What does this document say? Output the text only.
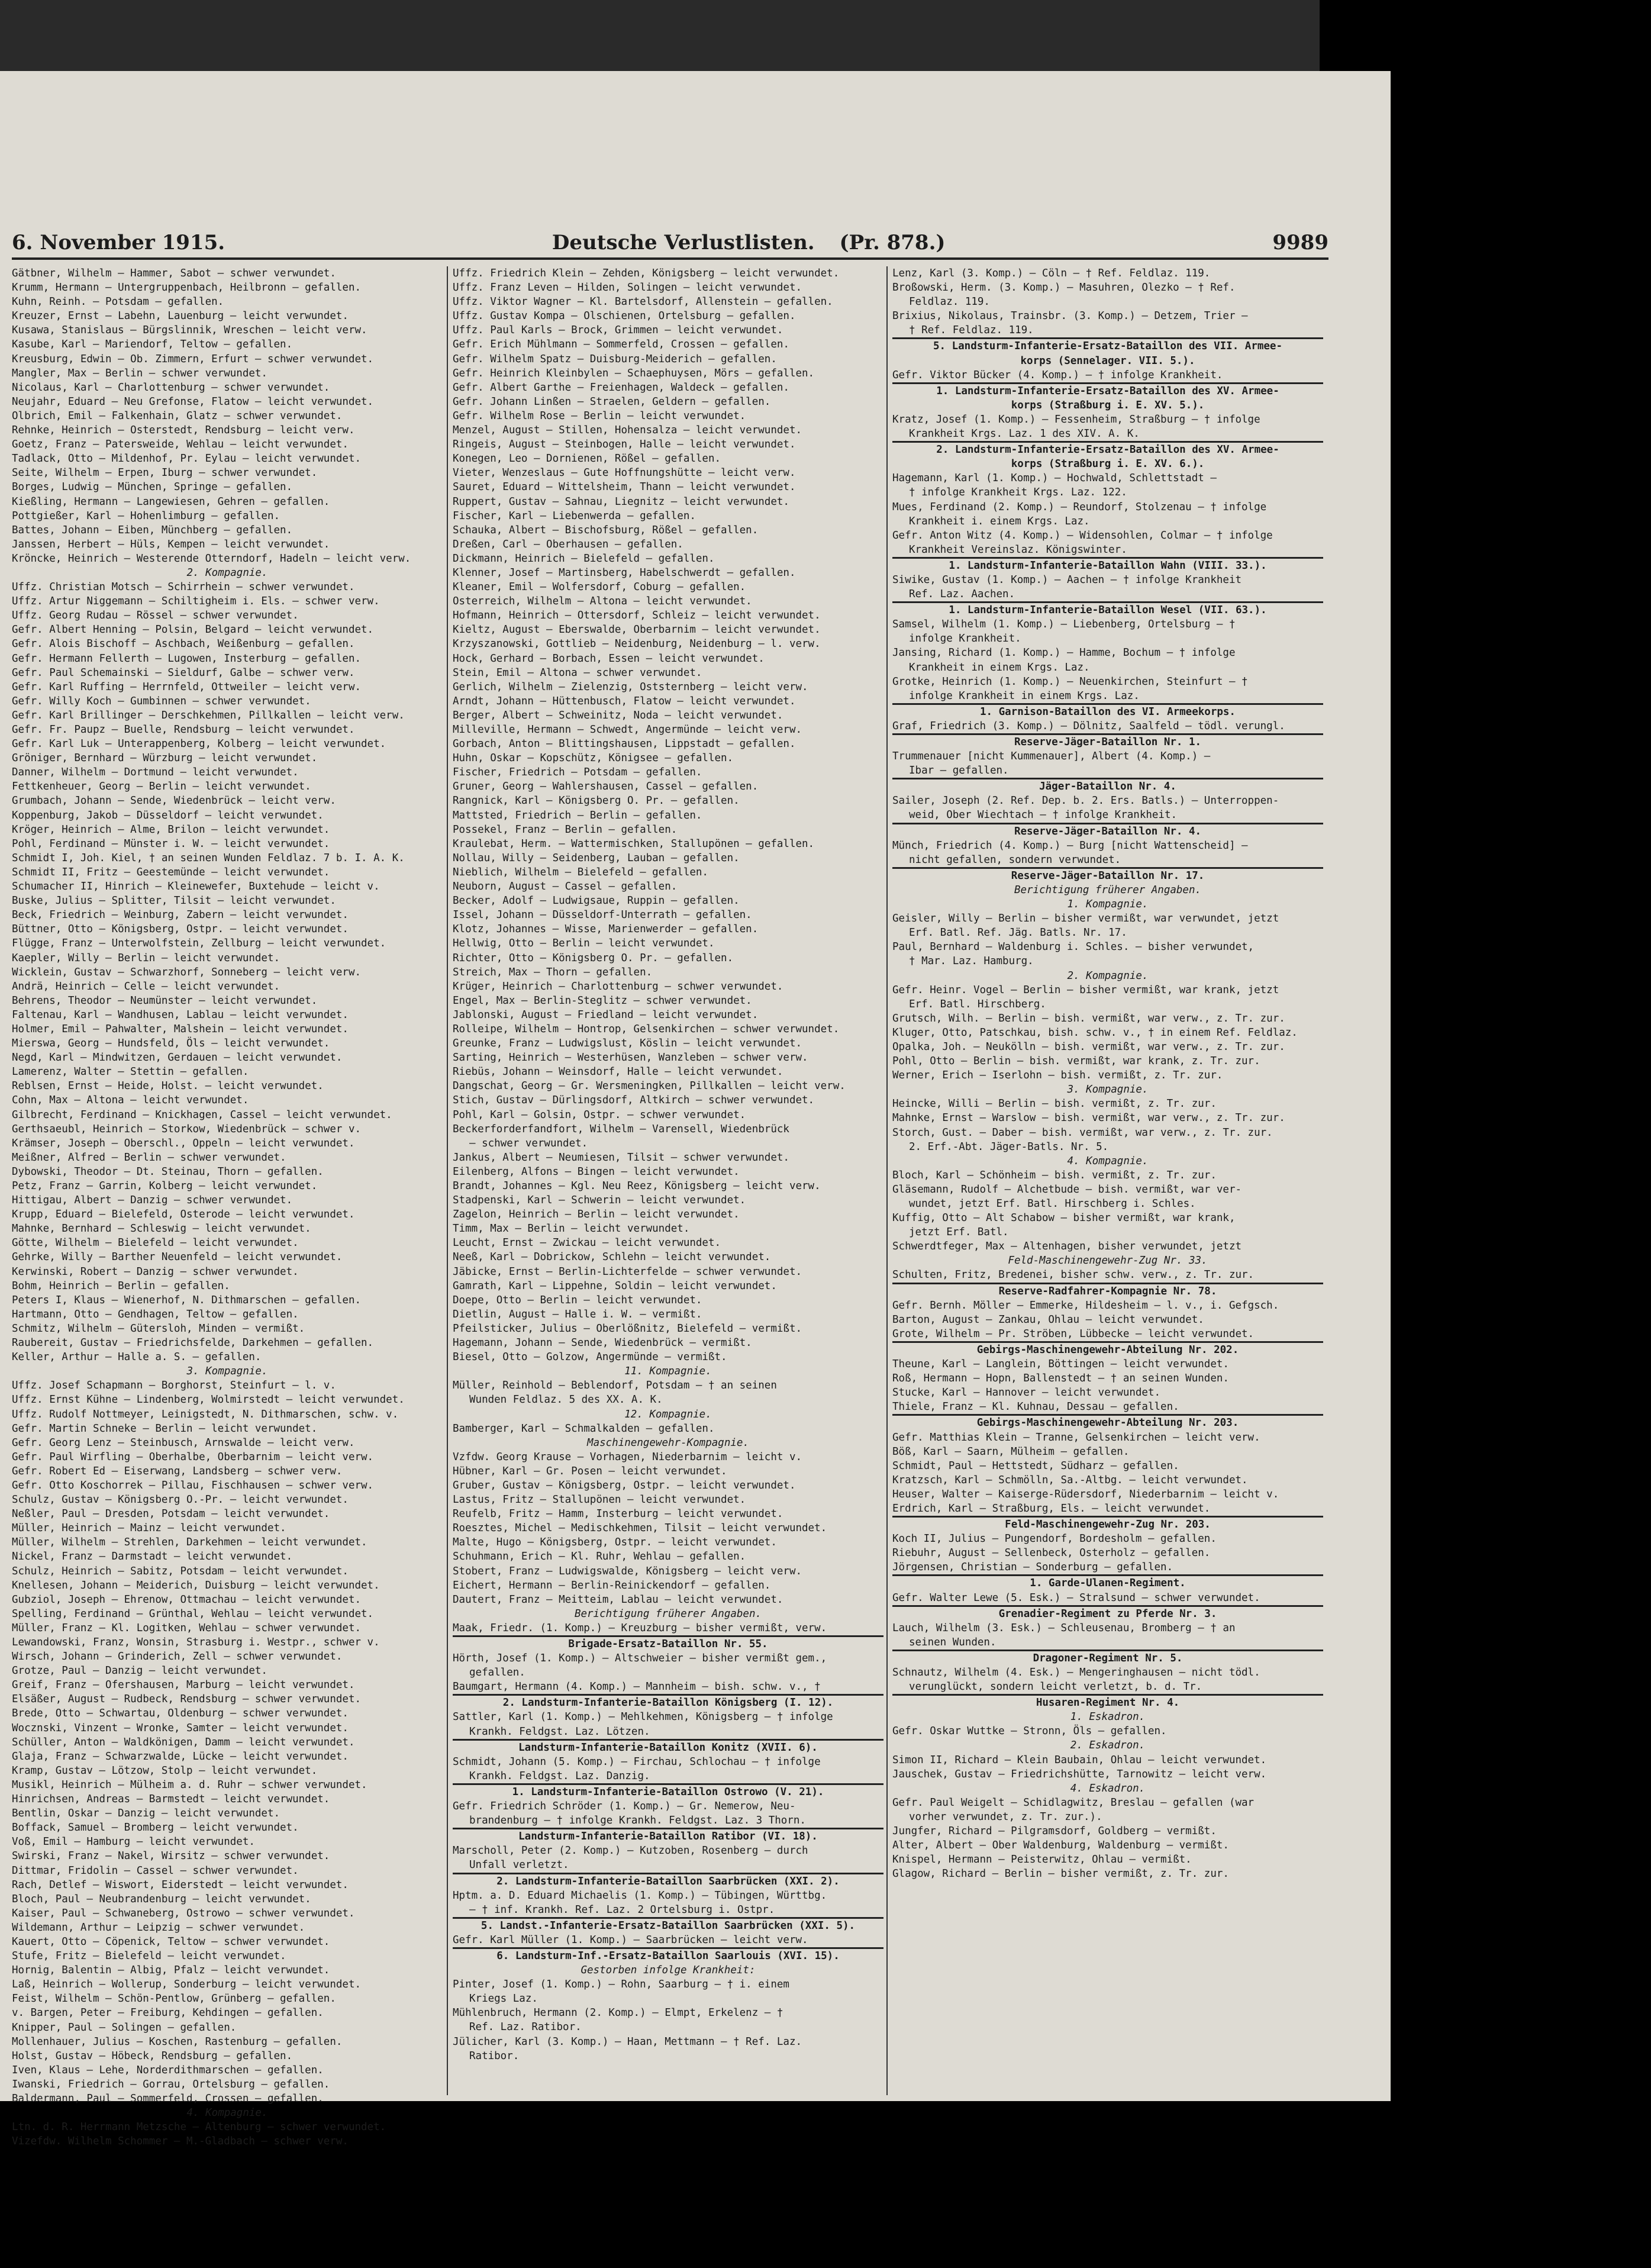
6. November 1915.	Deutsche Verlustlisten. (Pr. 878.)	9989
Gätbner, Wilhelm — Hammer, Sabot — schwer verwundet.
Krumm, Hermann — Untergruppenbach, Heilbronn — gefallen.
Kuhn, Reinh. — Potsdam — gefallen.
Kreuzer, Ernst — Labehn, Lauenburg — leicht verwundet.
Kusawa, Stanislaus — Bürgslinnik, Wreschen — leicht verw.
Kasube, Karl — Mariendorf, Teltow — gefallen.
Kreusburg, Edwin — Ob. Zimmern, Erfurt — schwer verwundet.
Mangler, Max — Berlin — schwer verwundet.
Nicolaus, Karl — Charlottenburg — schwer verwundet.
Neujahr, Eduard — Neu Grefonse, Flatow — leicht verwundet.
Olbrich, Emil — Falkenhain, Glatz — schwer verwundet.
Rehnke, Heinrich — Osterstedt, Rendsburg — leicht verw.
Goetz, Franz — Patersweide, Wehlau — leicht verwundet.
Tadlack, Otto — Mildenhof, Pr. Eylau — leicht verwundet.
Seite, Wilhelm — Erpen, Iburg — schwer verwundet.
Borges, Ludwig — München, Springe — gefallen.
Kießling, Hermann — Langewiesen, Gehren — gefallen.
Pottgießer, Karl — Hohenlimburg — gefallen.
Battes, Johann — Eiben, Münchberg — gefallen.
Janssen, Herbert — Hüls, Kempen — leicht verwundet.
Kröncke, Heinrich — Westerende Otterndorf, Hadeln — leicht verw.
2. Kompagnie.
Uffz. Christian Motsch — Schirrhein — schwer verwundet.
Uffz. Artur Niggemann — Schiltigheim i. Els. — schwer verw.
Uffz. Georg Rudau — Rössel — schwer verwundet.
Gefr. Albert Henning — Polsin, Belgard — leicht verwundet.
Gefr. Alois Bischoff — Aschbach, Weißenburg — gefallen.
Gefr. Hermann Fellerth — Lugowen, Insterburg — gefallen.
Gefr. Paul Schemainski — Sieldurf, Galbe — schwer verw.
Gefr. Karl Ruffing — Herrnfeld, Ottweiler — leicht verw.
Gefr. Willy Koch — Gumbinnen — schwer verwundet.
Gefr. Karl Brillinger — Derschkehmen, Pillkallen — leicht verw.
Gefr. Fr. Paupz — Buelle, Rendsburg — leicht verwundet.
Gefr. Karl Luk — Unterappenberg, Kolberg — leicht verwundet.
Gröniger, Bernhard — Würzburg — leicht verwundet.
Danner, Wilhelm — Dortmund — leicht verwundet.
Fettkenheuer, Georg — Berlin — leicht verwundet.
Grumbach, Johann — Sende, Wiedenbrück — leicht verw.
Koppenburg, Jakob — Düsseldorf — leicht verwundet.
Kröger, Heinrich — Alme, Brilon — leicht verwundet.
Pohl, Ferdinand — Münster i. W. — leicht verwundet.
Schmidt I, Joh. Kiel, † an seinen Wunden Feldlaz. 7 b. I. A. K.
Schmidt II, Fritz — Geestemünde — leicht verwundet.
Schumacher II, Hinrich — Kleinewefer, Buxtehude — leicht v.
Buske, Julius — Splitter, Tilsit — leicht verwundet.
Beck, Friedrich — Weinburg, Zabern — leicht verwundet.
Büttner, Otto — Königsberg, Ostpr. — leicht verwundet.
Flügge, Franz — Unterwolfstein, Zellburg — leicht verwundet.
Kaepler, Willy — Berlin — leicht verwundet.
Wicklein, Gustav — Schwarzhorf, Sonneberg — leicht verw.
Andrä, Heinrich — Celle — leicht verwundet.
Behrens, Theodor — Neumünster — leicht verwundet.
Faltenau, Karl — Wandhusen, Lablau — leicht verwundet.
Holmer, Emil — Pahwalter, Malshein — leicht verwundet.
Mierswa, Georg — Hundsfeld, Öls — leicht verwundet.
Negd, Karl — Mindwitzen, Gerdauen — leicht verwundet.
Lamerenz, Walter — Stettin — gefallen.
Reblsen, Ernst — Heide, Holst. — leicht verwundet.
Cohn, Max — Altona — leicht verwundet.
Gilbrecht, Ferdinand — Knickhagen, Cassel — leicht verwundet.
Gerthsaeubl, Heinrich — Storkow, Wiedenbrück — schwer v.
Krämser, Joseph — Oberschl., Oppeln — leicht verwundet.
Meißner, Alfred — Berlin — schwer verwundet.
Dybowski, Theodor — Dt. Steinau, Thorn — gefallen.
Petz, Franz — Garrin, Kolberg — leicht verwundet.
Hittigau, Albert — Danzig — schwer verwundet.
Krupp, Eduard — Bielefeld, Osterode — leicht verwundet.
Mahnke, Bernhard — Schleswig — leicht verwundet.
Götte, Wilhelm — Bielefeld — leicht verwundet.
Gehrke, Willy — Barther Neuenfeld — leicht verwundet.
Kerwinski, Robert — Danzig — schwer verwundet.
Bohm, Heinrich — Berlin — gefallen.
Peters I, Klaus — Wienerhof, N. Dithmarschen — gefallen.
Hartmann, Otto — Gendhagen, Teltow — gefallen.
Schmitz, Wilhelm — Gütersloh, Minden — vermißt.
Raubereit, Gustav — Friedrichsfelde, Darkehmen — gefallen.
Keller, Arthur — Halle a. S. — gefallen.
3. Kompagnie.
Uffz. Josef Schapmann — Borghorst, Steinfurt — l. v.
Uffz. Ernst Kühne — Lindenberg, Wolmirstedt — leicht verwundet.
Uffz. Rudolf Nottmeyer, Leinigstedt, N. Dithmarschen, schw. v.
Gefr. Martin Schneke — Berlin — leicht verwundet.
Gefr. Georg Lenz — Steinbusch, Arnswalde — leicht verw.
Gefr. Paul Wirfling — Oberhalbe, Oberbarnim — leicht verw.
Gefr. Robert Ed — Eiserwang, Landsberg — schwer verw.
Gefr. Otto Koschorrek — Pillau, Fischhausen — schwer verw.
Schulz, Gustav — Königsberg O.-Pr. — leicht verwundet.
Neßler, Paul — Dresden, Potsdam — leicht verwundet.
Müller, Heinrich — Mainz — leicht verwundet.
Müller, Wilhelm — Strehlen, Darkehmen — leicht verwundet.
Nickel, Franz — Darmstadt — leicht verwundet.
Schulz, Heinrich — Sabitz, Potsdam — leicht verwundet.
Knellesen, Johann — Meiderich, Duisburg — leicht verwundet.
Gubziol, Joseph — Ehrenow, Ottmachau — leicht verwundet.
Spelling, Ferdinand — Grünthal, Wehlau — leicht verwundet.
Müller, Franz — Kl. Logitken, Wehlau — schwer verwundet.
Lewandowski, Franz, Wonsin, Strasburg i. Westpr., schwer v.
Wirsch, Johann — Grinderich, Zell — schwer verwundet.
Grotze, Paul — Danzig — leicht verwundet.
Greif, Franz — Ofershausen, Marburg — leicht verwundet.
Elsäßer, August — Rudbeck, Rendsburg — schwer verwundet.
Brede, Otto — Schwartau, Oldenburg — schwer verwundet.
Wocznski, Vinzent — Wronke, Samter — leicht verwundet.
Schüller, Anton — Waldkönigen, Damm — leicht verwundet.
Glaja, Franz — Schwarzwalde, Lücke — leicht verwundet.
Kramp, Gustav — Lötzow, Stolp — leicht verwundet.
Musikl, Heinrich — Mülheim a. d. Ruhr — schwer verwundet.
Hinrichsen, Andreas — Barmstedt — leicht verwundet.
Bentlin, Oskar — Danzig — leicht verwundet.
Boffack, Samuel — Bromberg — leicht verwundet.
Voß, Emil — Hamburg — leicht verwundet.
Swirski, Franz — Nakel, Wirsitz — schwer verwundet.
Dittmar, Fridolin — Cassel — schwer verwundet.
Rach, Detlef — Wiswort, Eiderstedt — leicht verwundet.
Bloch, Paul — Neubrandenburg — leicht verwundet.
Kaiser, Paul — Schwaneberg, Ostrowo — schwer verwundet.
Wildemann, Arthur — Leipzig — schwer verwundet.
Kauert, Otto — Cöpenick, Teltow — schwer verwundet.
Stufe, Fritz — Bielefeld — leicht verwundet.
Hornig, Balentin — Albig, Pfalz — leicht verwundet.
Laß, Heinrich — Wollerup, Sonderburg — leicht verwundet.
Feist, Wilhelm — Schön-Pentlow, Grünberg — gefallen.
v. Bargen, Peter — Freiburg, Kehdingen — gefallen.
Knipper, Paul — Solingen — gefallen.
Mollenhauer, Julius — Koschen, Rastenburg — gefallen.
Holst, Gustav — Höbeck, Rendsburg — gefallen.
Iven, Klaus — Lehe, Norderdithmarschen — gefallen.
Iwanski, Friedrich — Gorrau, Ortelsburg — gefallen.
Baldermann, Paul — Sommerfeld, Crossen — gefallen.
4. Kompagnie.
Ltn. d. R. Herrmann Metzsche — Altenburg — schwer verwundet.
Vizefdw. Wilhelm Schommer — M.-Gladbach — schwer verw.
Uffz. Friedrich Klein — Zehden, Königsberg — leicht verwundet.
Uffz. Franz Leven — Hilden, Solingen — leicht verwundet.
Uffz. Viktor Wagner — Kl. Bartelsdorf, Allenstein — gefallen.
Uffz. Gustav Kompa — Olschienen, Ortelsburg — gefallen.
Uffz. Paul Karls — Brock, Grimmen — leicht verwundet.
Gefr. Erich Mühlmann — Sommerfeld, Crossen — gefallen.
Gefr. Wilhelm Spatz — Duisburg-Meiderich — gefallen.
Gefr. Heinrich Kleinbylen — Schaephuysen, Mörs — gefallen.
Gefr. Albert Garthe — Freienhagen, Waldeck — gefallen.
Gefr. Johann Linßen — Straelen, Geldern — gefallen.
Gefr. Wilhelm Rose — Berlin — leicht verwundet.
Menzel, August — Stillen, Hohensalza — leicht verwundet.
Ringeis, August — Steinbogen, Halle — leicht verwundet.
Konegen, Leo — Dornienen, Rößel — gefallen.
Vieter, Wenzeslaus — Gute Hoffnungshütte — leicht verw.
Sauret, Eduard — Wittelsheim, Thann — leicht verwundet.
Ruppert, Gustav — Sahnau, Liegnitz — leicht verwundet.
Fischer, Karl — Liebenwerda — gefallen.
Schauka, Albert — Bischofsburg, Rößel — gefallen.
Dreßen, Carl — Oberhausen — gefallen.
Dickmann, Heinrich — Bielefeld — gefallen.
Klenner, Josef — Martinsberg, Habelschwerdt — gefallen.
Kleaner, Emil — Wolfersdorf, Coburg — gefallen.
Osterreich, Wilhelm — Altona — leicht verwundet.
Hofmann, Heinrich — Ottersdorf, Schleiz — leicht verwundet.
Kieltz, August — Eberswalde, Oberbarnim — leicht verwundet.
Krzyszanowski, Gottlieb — Neidenburg, Neidenburg — l. verw.
Hock, Gerhard — Borbach, Essen — leicht verwundet.
Stein, Emil — Altona — schwer verwundet.
Gerlich, Wilhelm — Zielenzig, Oststernberg — leicht verw.
Arndt, Johann — Hüttenbusch, Flatow — leicht verwundet.
Berger, Albert — Schweinitz, Noda — leicht verwundet.
Milleville, Hermann — Schwedt, Angermünde — leicht verw.
Gorbach, Anton — Blittingshausen, Lippstadt — gefallen.
Huhn, Oskar — Kopschütz, Königsee — gefallen.
Fischer, Friedrich — Potsdam — gefallen.
Gruner, Georg — Wahlershausen, Cassel — gefallen.
Rangnick, Karl — Königsberg O. Pr. — gefallen.
Mattsted, Friedrich — Berlin — gefallen.
Possekel, Franz — Berlin — gefallen.
Kraulebat, Herm. — Wattermischken, Stallupönen — gefallen.
Nollau, Willy — Seidenberg, Lauban — gefallen.
Nieblich, Wilhelm — Bielefeld — gefallen.
Neuborn, August — Cassel — gefallen.
Becker, Adolf — Ludwigsaue, Ruppin — gefallen.
Issel, Johann — Düsseldorf-Unterrath — gefallen.
Klotz, Johannes — Wisse, Marienwerder — gefallen.
Hellwig, Otto — Berlin — leicht verwundet.
Richter, Otto — Königsberg O. Pr. — gefallen.
Streich, Max — Thorn — gefallen.
Krüger, Heinrich — Charlottenburg — schwer verwundet.
Engel, Max — Berlin-Steglitz — schwer verwundet.
Jablonski, August — Friedland — leicht verwundet.
Rolleipe, Wilhelm — Hontrop, Gelsenkirchen — schwer verwundet.
Greunke, Franz — Ludwigslust, Köslin — leicht verwundet.
Sarting, Heinrich — Westerhüsen, Wanzleben — schwer verw.
Riebüs, Johann — Weinsdorf, Halle — leicht verwundet.
Dangschat, Georg — Gr. Wersmeningken, Pillkallen — leicht verw.
Stich, Gustav — Dürlingsdorf, Altkirch — schwer verwundet.
Pohl, Karl — Golsin, Ostpr. — schwer verwundet.
Beckerforderfandfort, Wilhelm — Varensell, Wiedenbrück
— schwer verwundet.
Jankus, Albert — Neumiesen, Tilsit — schwer verwundet.
Eilenberg, Alfons — Bingen — leicht verwundet.
Brandt, Johannes — Kgl. Neu Reez, Königsberg — leicht verw.
Stadpenski, Karl — Schwerin — leicht verwundet.
Zagelon, Heinrich — Berlin — leicht verwundet.
Timm, Max — Berlin — leicht verwundet.
Leucht, Ernst — Zwickau — leicht verwundet.
Neeß, Karl — Dobrickow, Schlehn — leicht verwundet.
Jäbicke, Ernst — Berlin-Lichterfelde — schwer verwundet.
Gamrath, Karl — Lippehne, Soldin — leicht verwundet.
Doepe, Otto — Berlin — leicht verwundet.
Dietlin, August — Halle i. W. — vermißt.
Pfeilsticker, Julius — Oberlößnitz, Bielefeld — vermißt.
Hagemann, Johann — Sende, Wiedenbrück — vermißt.
Biesel, Otto — Golzow, Angermünde — vermißt.
11. Kompagnie.
Müller, Reinhold — Beblendorf, Potsdam — † an seinen
Wunden Feldlaz. 5 des XX. A. K.
12. Kompagnie.
Bamberger, Karl — Schmalkalden — gefallen.
Maschinengewehr-Kompagnie.
Vzfdw. Georg Krause — Vorhagen, Niederbarnim — leicht v.
Hübner, Karl — Gr. Posen — leicht verwundet.
Gruber, Gustav — Königsberg, Ostpr. — leicht verwundet.
Lastus, Fritz — Stallupönen — leicht verwundet.
Reufelb, Fritz — Hamm, Insterburg — leicht verwundet.
Roesztes, Michel — Medischkehmen, Tilsit — leicht verwundet.
Malte, Hugo — Königsberg, Ostpr. — leicht verwundet.
Schuhmann, Erich — Kl. Ruhr, Wehlau — gefallen.
Stobert, Franz — Ludwigswalde, Königsberg — leicht verw.
Eichert, Hermann — Berlin-Reinickendorf — gefallen.
Dautert, Franz — Meitteim, Lablau — leicht verwundet.
Berichtigung früherer Angaben.
Maak, Friedr. (1. Komp.) — Kreuzburg — bisher vermißt, verw.
Brigade-Ersatz-Bataillon Nr. 55.
Hörth, Josef (1. Komp.) — Altschweier — bisher vermißt gem.,
gefallen.
Baumgart, Hermann (4. Komp.) — Mannheim — bish. schw. v., †
2. Landsturm-Infanterie-Bataillon Königsberg (I. 12).
Sattler, Karl (1. Komp.) — Mehlkehmen, Königsberg — † infolge
Krankh. Feldgst. Laz. Lötzen.
Landsturm-Infanterie-Bataillon Konitz (XVII. 6).
Schmidt, Johann (5. Komp.) — Firchau, Schlochau — † infolge
Krankh. Feldgst. Laz. Danzig.
1. Landsturm-Infanterie-Bataillon Ostrowo (V. 21).
Gefr. Friedrich Schröder (1. Komp.) — Gr. Nemerow, Neu-
brandenburg — † infolge Krankh. Feldgst. Laz. 3 Thorn.
Landsturm-Infanterie-Bataillon Ratibor (VI. 18).
Marscholl, Peter (2. Komp.) — Kutzoben, Rosenberg — durch
Unfall verletzt.
2. Landsturm-Infanterie-Bataillon Saarbrücken (XXI. 2).
Hptm. a. D. Eduard Michaelis (1. Komp.) — Tübingen, Württbg.
— † inf. Krankh. Ref. Laz. 2 Ortelsburg i. Ostpr.
5. Landst.-Infanterie-Ersatz-Bataillon Saarbrücken (XXI. 5).
Gefr. Karl Müller (1. Komp.) — Saarbrücken — leicht verw.
6. Landsturm-Inf.-Ersatz-Bataillon Saarlouis (XVI. 15).
Gestorben infolge Krankheit:
Pinter, Josef (1. Komp.) — Rohn, Saarburg — † i. einem
Kriegs Laz.
Mühlenbruch, Hermann (2. Komp.) — Elmpt, Erkelenz — †
Ref. Laz. Ratibor.
Jülicher, Karl (3. Komp.) — Haan, Mettmann — † Ref. Laz.
Ratibor.
Lenz, Karl (3. Komp.) — Cöln — † Ref. Feldlaz. 119.
Broßowski, Herm. (3. Komp.) — Masuhren, Olezko — † Ref.
Feldlaz. 119.
Brixius, Nikolaus, Trainsbr. (3. Komp.) — Detzem, Trier —
† Ref. Feldlaz. 119.
5. Landsturm-Infanterie-Ersatz-Bataillon des VII. Armee-
korps (Sennelager. VII. 5.).
Gefr. Viktor Bücker (4. Komp.) — † infolge Krankheit.
1. Landsturm-Infanterie-Ersatz-Bataillon des XV. Armee-
korps (Straßburg i. E. XV. 5.).
Kratz, Josef (1. Komp.) — Fessenheim, Straßburg — † infolge
Krankheit Krgs. Laz. 1 des XIV. A. K.
2. Landsturm-Infanterie-Ersatz-Bataillon des XV. Armee-
korps (Straßburg i. E. XV. 6.).
Hagemann, Karl (1. Komp.) — Hochwald, Schlettstadt —
† infolge Krankheit Krgs. Laz. 122.
Mues, Ferdinand (2. Komp.) — Reundorf, Stolzenau — † infolge
Krankheit i. einem Krgs. Laz.
Gefr. Anton Witz (4. Komp.) — Widensohlen, Colmar — † infolge
Krankheit Vereinslaz. Königswinter.
1. Landsturm-Infanterie-Bataillon Wahn (VIII. 33.).
Siwike, Gustav (1. Komp.) — Aachen — † infolge Krankheit
Ref. Laz. Aachen.
1. Landsturm-Infanterie-Bataillon Wesel (VII. 63.).
Samsel, Wilhelm (1. Komp.) — Liebenberg, Ortelsburg — †
infolge Krankheit.
Jansing, Richard (1. Komp.) — Hamme, Bochum — † infolge
Krankheit in einem Krgs. Laz.
Grotke, Heinrich (1. Komp.) — Neuenkirchen, Steinfurt — †
infolge Krankheit in einem Krgs. Laz.
1. Garnison-Bataillon des VI. Armeekorps.
Graf, Friedrich (3. Komp.) — Dölnitz, Saalfeld — tödl. verungl.
Reserve-Jäger-Bataillon Nr. 1.
Trummenauer [nicht Kummenauer], Albert (4. Komp.) —
Ibar — gefallen.
Jäger-Bataillon Nr. 4.
Sailer, Joseph (2. Ref. Dep. b. 2. Ers. Batls.) — Unterroppen-
weid, Ober Wiechtach — † infolge Krankheit.
Reserve-Jäger-Bataillon Nr. 4.
Münch, Friedrich (4. Komp.) — Burg [nicht Wattenscheid] —
nicht gefallen, sondern verwundet.
Reserve-Jäger-Bataillon Nr. 17.
Berichtigung früherer Angaben.
1. Kompagnie.
Geisler, Willy — Berlin — bisher vermißt, war verwundet, jetzt
Erf. Batl. Ref. Jäg. Batls. Nr. 17.
Paul, Bernhard — Waldenburg i. Schles. — bisher verwundet,
† Mar. Laz. Hamburg.
2. Kompagnie.
Gefr. Heinr. Vogel — Berlin — bisher vermißt, war krank, jetzt
Erf. Batl. Hirschberg.
Grutsch, Wilh. — Berlin — bish. vermißt, war verw., z. Tr. zur.
Kluger, Otto, Patschkau, bish. schw. v., † in einem Ref. Feldlaz.
Opalka, Joh. — Neukölln — bish. vermißt, war verw., z. Tr. zur.
Pohl, Otto — Berlin — bish. vermißt, war krank, z. Tr. zur.
Werner, Erich — Iserlohn — bish. vermißt, z. Tr. zur.
3. Kompagnie.
Heincke, Willi — Berlin — bish. vermißt, z. Tr. zur.
Mahnke, Ernst — Warslow — bish. vermißt, war verw., z. Tr. zur.
Storch, Gust. — Daber — bish. vermißt, war verw., z. Tr. zur.
2. Erf.-Abt. Jäger-Batls. Nr. 5.
4. Kompagnie.
Bloch, Karl — Schönheim — bish. vermißt, z. Tr. zur.
Gläsemann, Rudolf — Alchetbude — bish. vermißt, war ver-
wundet, jetzt Erf. Batl. Hirschberg i. Schles.
Kuffig, Otto — Alt Schabow — bisher vermißt, war krank,
jetzt Erf. Batl.
Schwerdtfeger, Max — Altenhagen, bisher verwundet, jetzt
Feld-Maschinengewehr-Zug Nr. 33.
Schulten, Fritz, Bredenei, bisher schw. verw., z. Tr. zur.
Reserve-Radfahrer-Kompagnie Nr. 78.
Gefr. Bernh. Möller — Emmerke, Hildesheim — l. v., i. Gefgsch.
Barton, August — Zankau, Ohlau — leicht verwundet.
Grote, Wilhelm — Pr. Ströben, Lübbecke — leicht verwundet.
Gebirgs-Maschinengewehr-Abteilung Nr. 202.
Theune, Karl — Langlein, Böttingen — leicht verwundet.
Roß, Hermann — Hopn, Ballenstedt — † an seinen Wunden.
Stucke, Karl — Hannover — leicht verwundet.
Thiele, Franz — Kl. Kuhnau, Dessau — gefallen.
Gebirgs-Maschinengewehr-Abteilung Nr. 203.
Gefr. Matthias Klein — Tranne, Gelsenkirchen — leicht verw.
Böß, Karl — Saarn, Mülheim — gefallen.
Schmidt, Paul — Hettstedt, Südharz — gefallen.
Kratzsch, Karl — Schmölln, Sa.-Altbg. — leicht verwundet.
Heuser, Walter — Kaiserge-Rüdersdorf, Niederbarnim — leicht v.
Erdrich, Karl — Straßburg, Els. — leicht verwundet.
Feld-Maschinengewehr-Zug Nr. 203.
Koch II, Julius — Pungendorf, Bordesholm — gefallen.
Riebuhr, August — Sellenbeck, Osterholz — gefallen.
Jörgensen, Christian — Sonderburg — gefallen.
1. Garde-Ulanen-Regiment.
Gefr. Walter Lewe (5. Esk.) — Stralsund — schwer verwundet.
Grenadier-Regiment zu Pferde Nr. 3.
Lauch, Wilhelm (3. Esk.) — Schleusenau, Bromberg — † an
seinen Wunden.
Dragoner-Regiment Nr. 5.
Schnautz, Wilhelm (4. Esk.) — Mengeringhausen — nicht tödl.
verunglückt, sondern leicht verletzt, b. d. Tr.
Husaren-Regiment Nr. 4.
1. Eskadron.
Gefr. Oskar Wuttke — Stronn, Öls — gefallen.
2. Eskadron.
Simon II, Richard — Klein Baubain, Ohlau — leicht verwundet.
Jauschek, Gustav — Friedrichshütte, Tarnowitz — leicht verw.
4. Eskadron.
Gefr. Paul Weigelt — Schidlagwitz, Breslau — gefallen (war
vorher verwundet, z. Tr. zur.).
Jungfer, Richard — Pilgramsdorf, Goldberg — vermißt.
Alter, Albert — Ober Waldenburg, Waldenburg — vermißt.
Knispel, Hermann — Peisterwitz, Ohlau — vermißt.
Glagow, Richard — Berlin — bisher vermißt, z. Tr. zur.
